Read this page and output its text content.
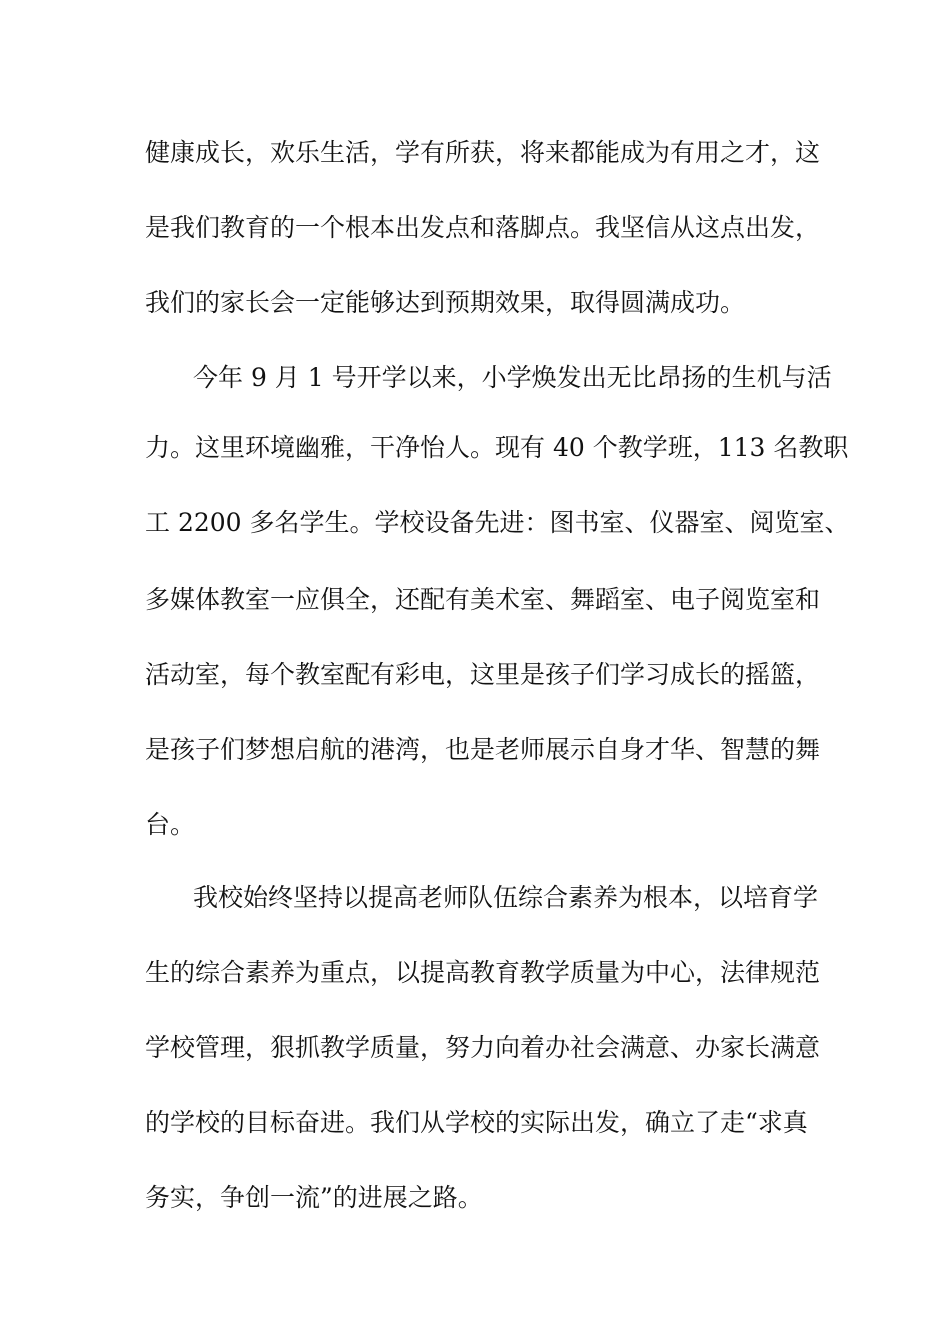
健康成长，欢乐生活，学有所获，将来都能成为有用之才，这
是我们教育的一个根本出发点和落脚点。我坚信从这点出发，
我们的家长会一定能够达到预期效果，取得圆满成功。
今年 9 月 1 号开学以来，小学焕发出无比昂扬的生机与活
力。这里环境幽雅，干净怡人。现有 40 个教学班，113 名教职
工 2200 多名学生。学校设备先进：图书室、仪器室、阅览室、
多媒体教室一应俱全，还配有美术室、舞蹈室、电子阅览室和
活动室，每个教室配有彩电，这里是孩子们学习成长的摇篮，
是孩子们梦想启航的港湾，也是老师展示自身才华、智慧的舞
台。
我校始终坚持以提高老师队伍综合素养为根本，以培育学
生的综合素养为重点，以提高教育教学质量为中心，法律规范
学校管理，狠抓教学质量，努力向着办社会满意、办家长满意
的学校的目标奋进。我们从学校的实际出发，确立了走“求真
务实，争创一流”的进展之路。
